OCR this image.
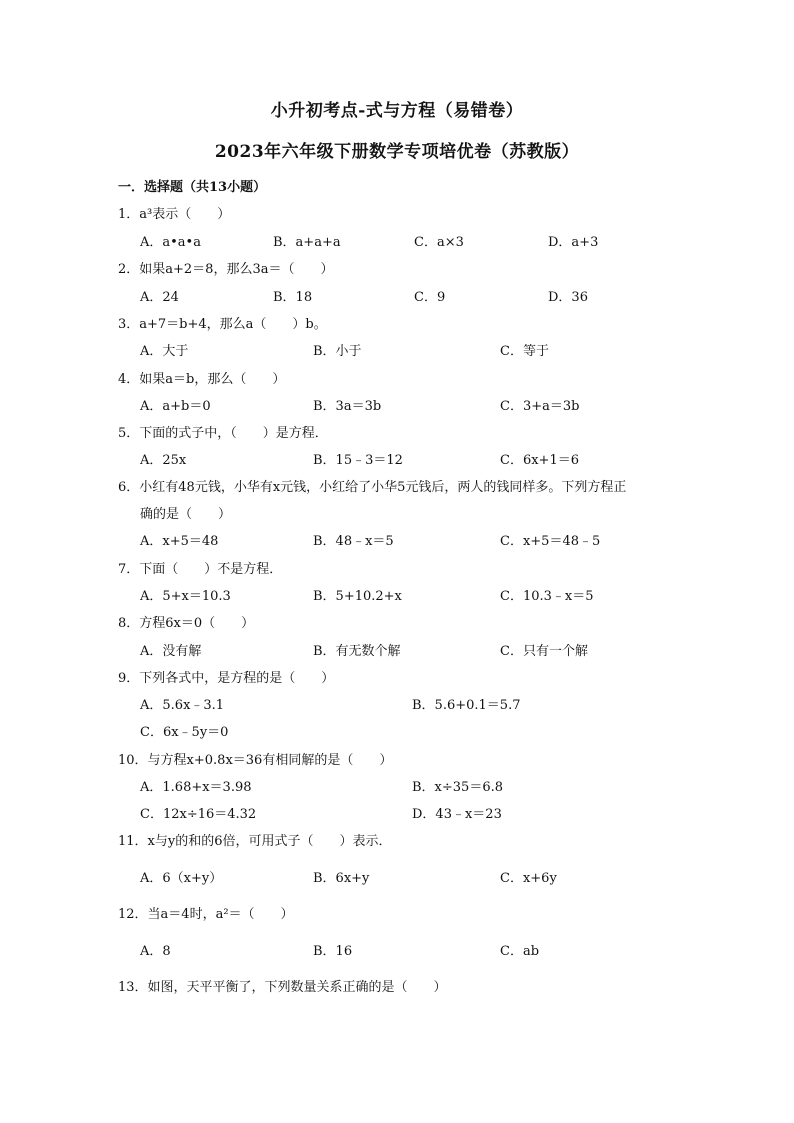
小升初考点-式与方程（易错卷）
2023年六年级下册数学专项培优卷（苏教版）
一．选择题（共13小题）
1．a³表示（　　）
A．a•a•a	B．a+a+a	C．a×3	D．a+3
2．如果a+2＝8，那么3a＝（　　）
A．24	B．18	C．9	D．36
3．a+7＝b+4，那么a（　　）b。
A．大于	B．小于	C．等于
4．如果a＝b，那么（　　）
A．a+b＝0	B．3a＝3b	C．3+a＝3b
5．下面的式子中，（　　）是方程．
A．25x	B．15﹣3＝12	C．6x+1＝6
6．小红有48元钱，小华有x元钱，小红给了小华5元钱后，两人的钱同样多。下列方程正
确的是（　　）
A．x+5＝48	B．48﹣x＝5	C．x+5＝48﹣5
7．下面（　　）不是方程．
A．5+x＝10.3	B．5+10.2+x	C．10.3﹣x＝5
8．方程6x＝0（　　）
A．没有解	B．有无数个解	C．只有一个解
9．下列各式中，是方程的是（　　）
A．5.6x﹣3.1	B．5.6+0.1＝5.7
C．6x﹣5y＝0
10．与方程x+0.8x＝36有相同解的是（　　）
A．1.68+x＝3.98	B．x÷35＝6.8
C．12x÷16＝4.32	D．43﹣x＝23
11．x与y的和的6倍，可用式子（　　）表示．
A．6（x+y）	B．6x+y	C．x+6y
12．当a＝4时，a²＝（　　）
A．8	B．16	C．ab
13．如图，天平平衡了，下列数量关系正确的是（　　）
